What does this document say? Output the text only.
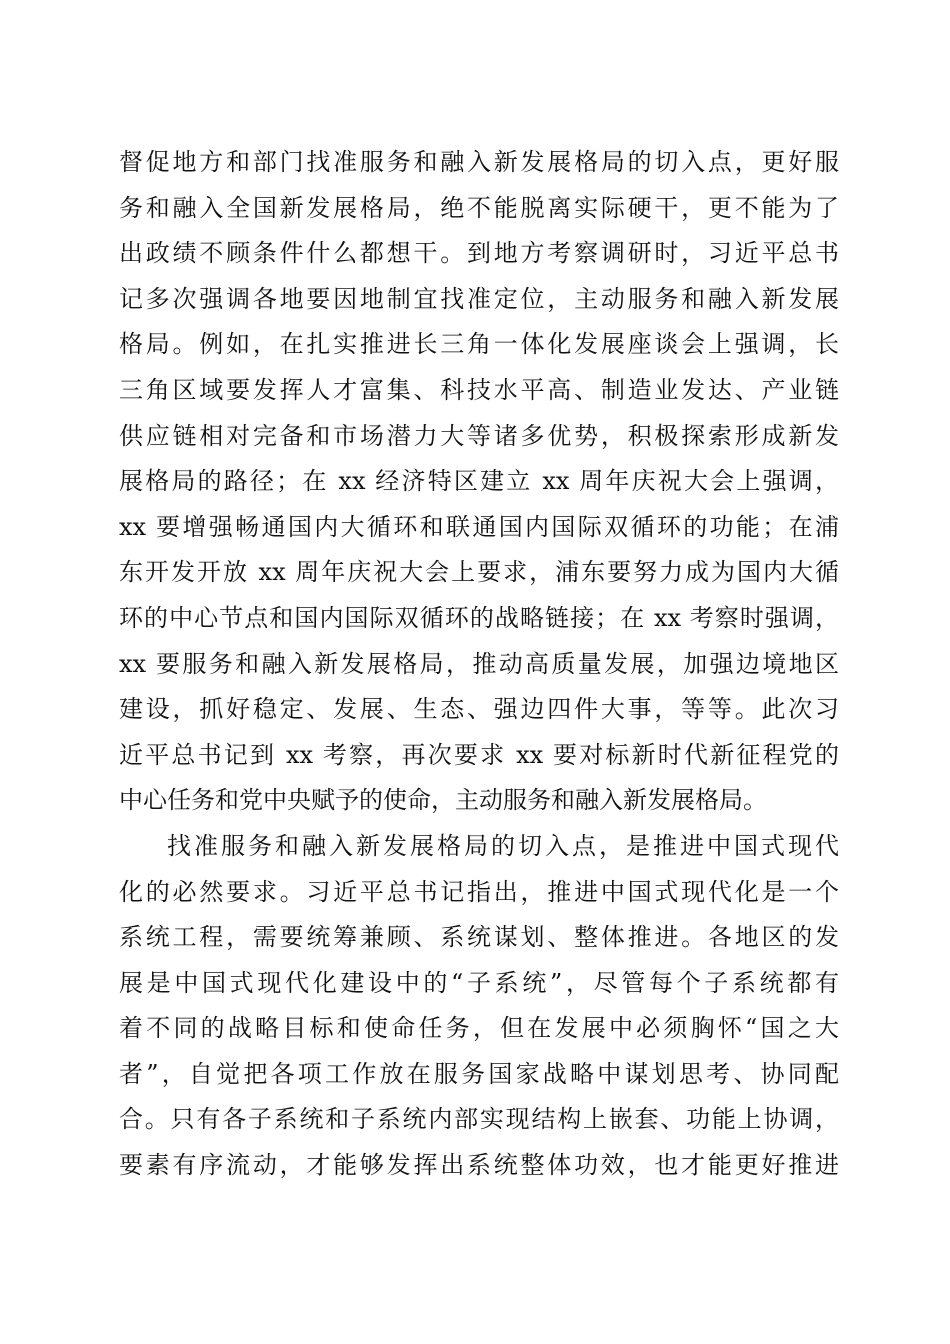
督促地方和部门找准服务和融入新发展格局的切入点，更好服
务和融入全国新发展格局，绝不能脱离实际硬干，更不能为了
出政绩不顾条件什么都想干。到地方考察调研时，习近平总书
记多次强调各地要因地制宜找准定位，主动服务和融入新发展
格局。例如，在扎实推进长三角一体化发展座谈会上强调，长
三角区域要发挥人才富集、科技水平高、制造业发达、产业链
供应链相对完备和市场潜力大等诸多优势，积极探索形成新发
展格局的路径；在 xx 经济特区建立 xx 周年庆祝大会上强调，
xx 要增强畅通国内大循环和联通国内国际双循环的功能；在浦
东开发开放 xx 周年庆祝大会上要求，浦东要努力成为国内大循
环的中心节点和国内国际双循环的战略链接；在 xx 考察时强调，
xx 要服务和融入新发展格局，推动高质量发展，加强边境地区
建设，抓好稳定、发展、生态、强边四件大事，等等。此次习
近平总书记到 xx 考察，再次要求 xx 要对标新时代新征程党的
中心任务和党中央赋予的使命，主动服务和融入新发展格局。
找准服务和融入新发展格局的切入点，是推进中国式现代
化的必然要求。习近平总书记指出，推进中国式现代化是一个
系统工程，需要统筹兼顾、系统谋划、整体推进。各地区的发
展是中国式现代化建设中的“子系统”，尽管每个子系统都有
着不同的战略目标和使命任务，但在发展中必须胸怀“国之大
者”，自觉把各项工作放在服务国家战略中谋划思考、协同配
合。只有各子系统和子系统内部实现结构上嵌套、功能上协调，
要素有序流动，才能够发挥出系统整体功效，也才能更好推进
